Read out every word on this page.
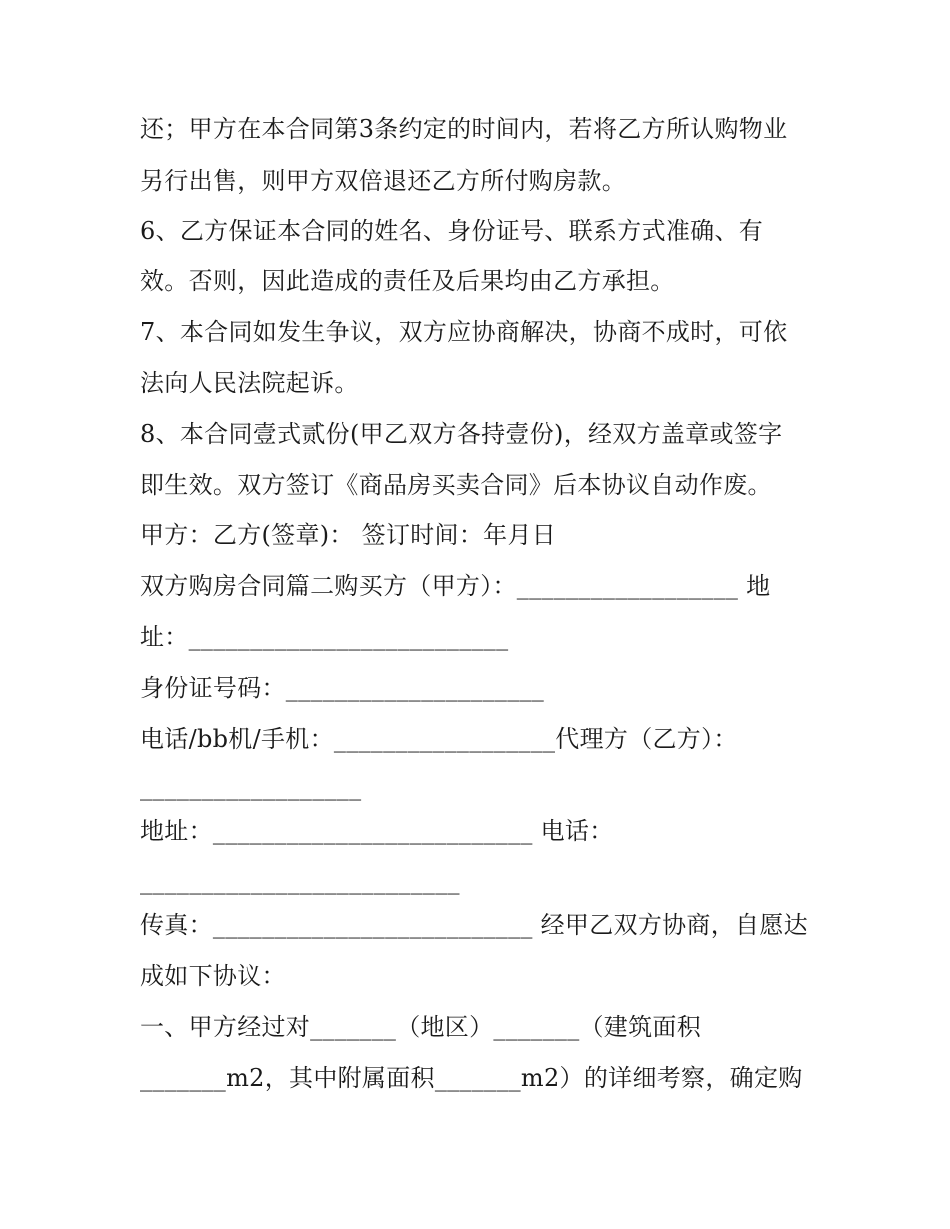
还；甲方在本合同第3条约定的时间内，若将乙方所认购物业
另行出售，则甲方双倍退还乙方所付购房款。
6、乙方保证本合同的姓名、身份证号、联系方式准确、有
效。否则，因此造成的责任及后果均由乙方承担。
7、本合同如发生争议，双方应协商解决，协商不成时，可依
法向人民法院起诉。
8、本合同壹式贰份(甲乙双方各持壹份)，经双方盖章或签字
即生效。双方签订《商品房买卖合同》后本协议自动作废。
甲方：乙方(签章)： 签订时间：年月日
双方购房合同篇二购买方（甲方）：__________________ 地
址：__________________________
身份证号码：_____________________
电话/bb机/手机：__________________代理方（乙方）：
__________________
地址：__________________________ 电话：
__________________________
传真：__________________________ 经甲乙双方协商，自愿达
成如下协议：
一、甲方经过对_______（地区）_______（建筑面积
_______m2，其中附属面积_______m2）的详细考察，确定购
